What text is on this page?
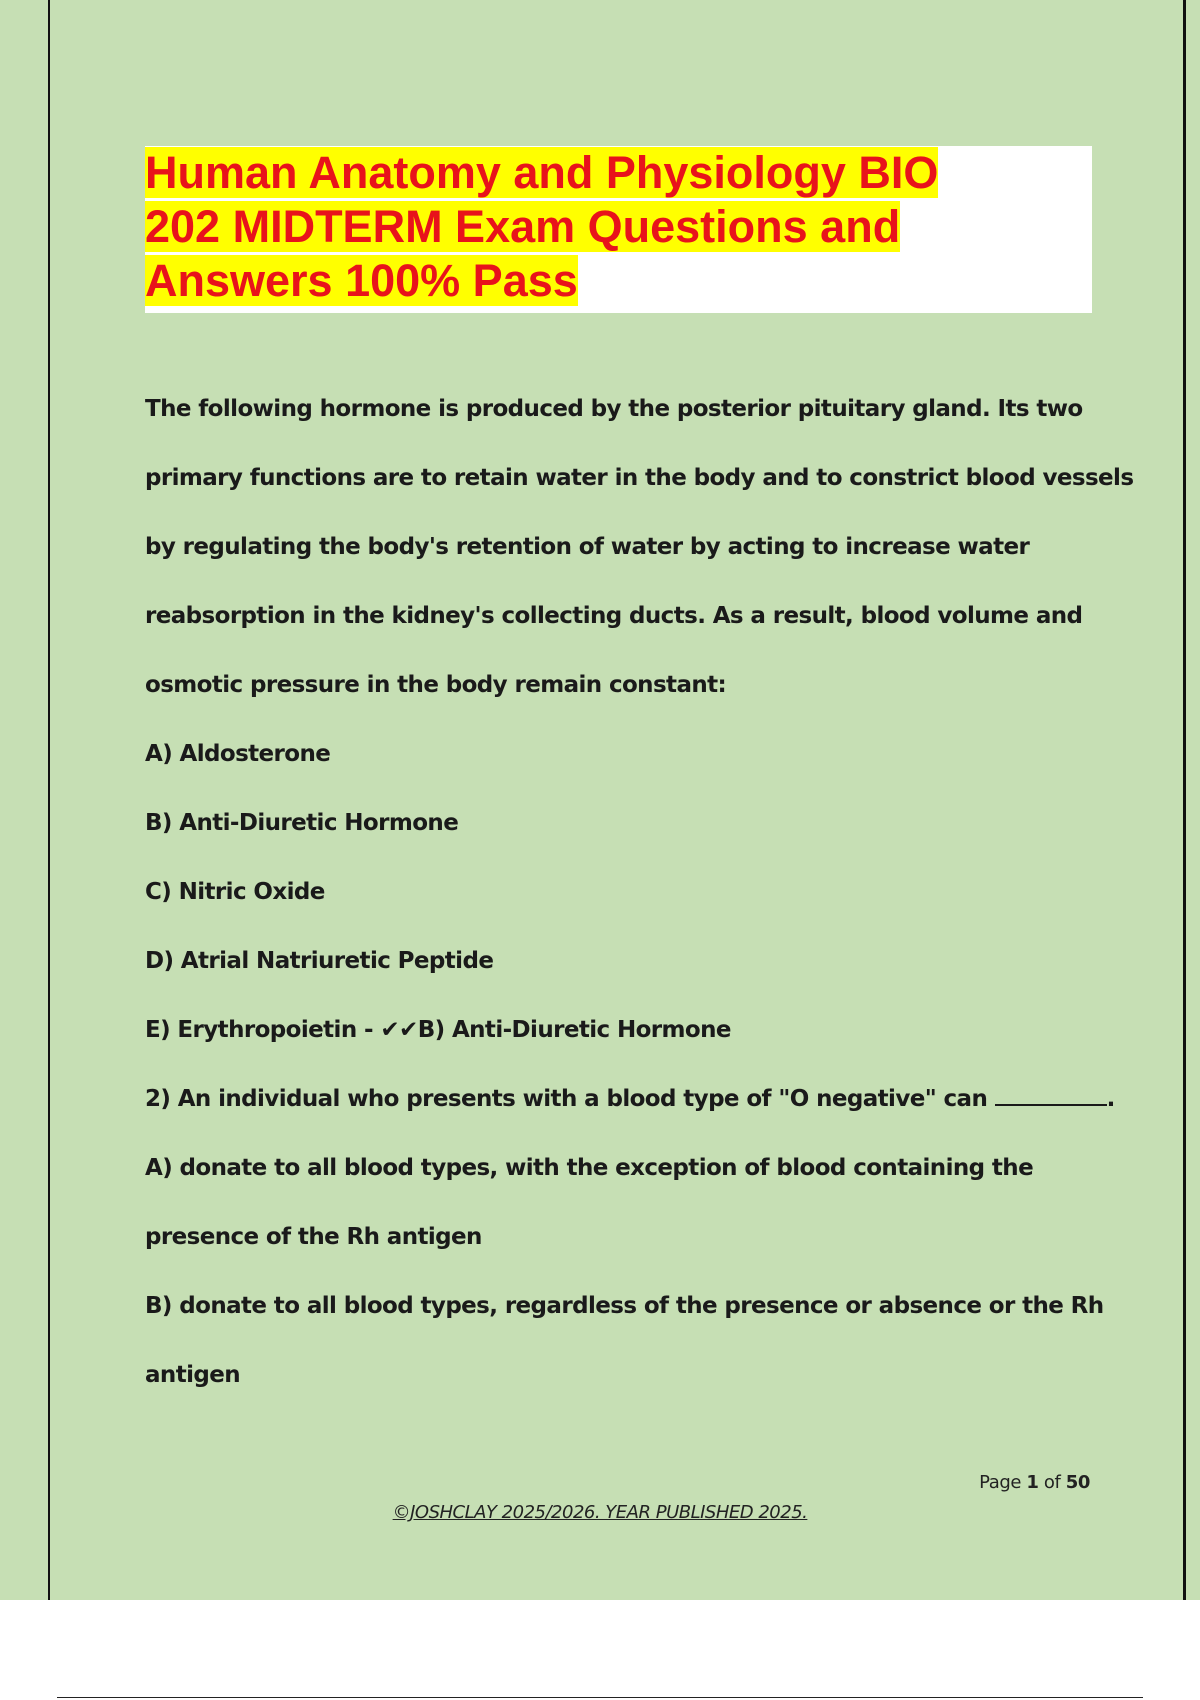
Human Anatomy and Physiology BIO
202 MIDTERM Exam Questions and
Answers 100% Pass

The following hormone is produced by the posterior pituitary gland. Its two

primary functions are to retain water in the body and to constrict blood vessels

by regulating the body's retention of water by acting to increase water

reabsorption in the kidney's collecting ducts. As a result, blood volume and

osmotic pressure in the body remain constant:

A) Aldosterone

B) Anti-Diuretic Hormone

C) Nitric Oxide

D) Atrial Natriuretic Peptide

E) Erythropoietin - ✔✔B) Anti-Diuretic Hormone

2) An individual who presents with a blood type of "O negative" can	.

A) donate to all blood types, with the exception of blood containing the

presence of the Rh antigen

B) donate to all blood types, regardless of the presence or absence or the Rh

antigen

Page 1 of 50
©JOSHCLAY 2025/2026. YEAR PUBLISHED 2025.
